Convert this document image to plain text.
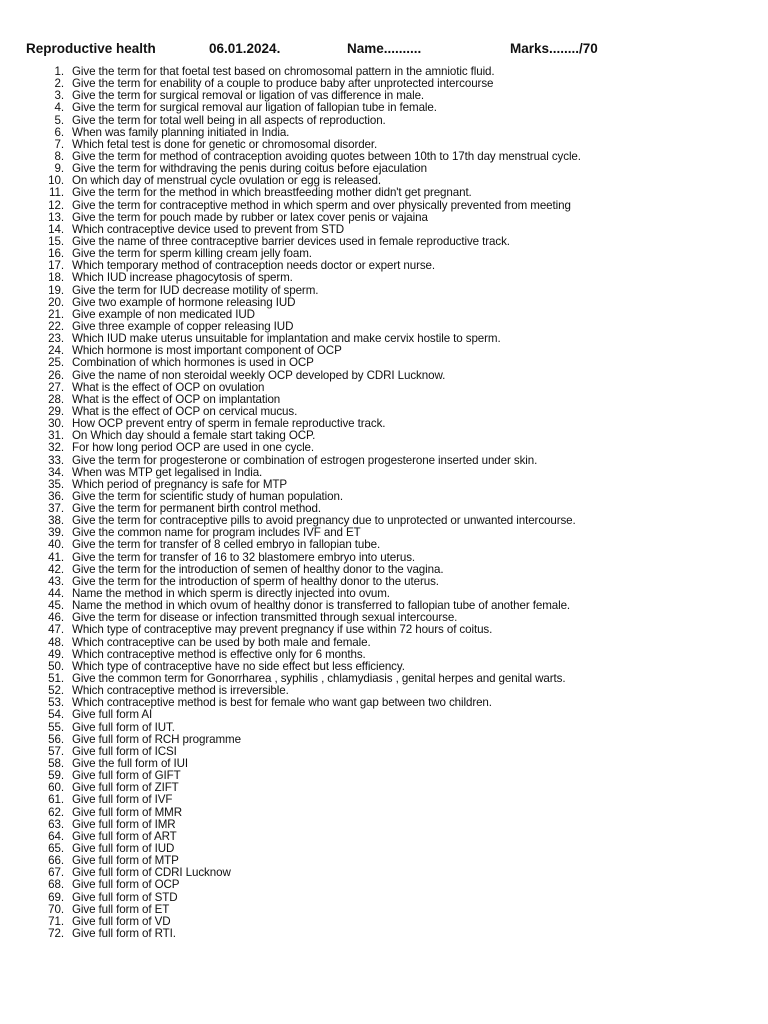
Reproductive health	06.01.2024.	Name..........	Marks......../70
1. Give the term for that foetal test based on chromosomal pattern in the amniotic fluid.
2. Give the term for enability of a couple to produce baby after unprotected intercourse
3. Give the term for surgical removal or ligation of vas difference in male.
4. Give the term for surgical removal aur ligation of fallopian tube in female.
5. Give the term for total well being in all aspects of reproduction.
6. When was family planning initiated in India.
7. Which fetal test is done for genetic or chromosomal disorder.
8. Give the term for method of contraception avoiding quotes between 10th to 17th day menstrual cycle.
9. Give the term for withdraving the penis during coitus before ejaculation
10. On which day of menstrual cycle ovulation or egg is released.
11. Give the term for the method in which breastfeeding mother didn't get pregnant.
12. Give the term for contraceptive method in which sperm and over physically prevented from meeting
13. Give the term for pouch made by rubber or latex cover penis or vajaina
14. Which contraceptive device used to prevent from STD
15. Give the name of three contraceptive barrier devices used in female reproductive track.
16. Give the term for sperm killing cream jelly foam.
17. Which temporary method of contraception needs doctor or expert nurse.
18. Which IUD increase phagocytosis of sperm.
19. Give the term for IUD decrease motility of sperm.
20. Give two example of hormone releasing IUD
21. Give example of non medicated IUD
22. Give three example of copper releasing IUD
23. Which IUD make uterus unsuitable for implantation and make cervix hostile to sperm.
24. Which hormone is most important component of OCP
25. Combination of which hormones is used in OCP
26. Give the name of non steroidal weekly OCP developed by CDRI Lucknow.
27. What is the effect of OCP on ovulation
28. What is the effect of OCP on implantation
29. What is the effect of OCP on cervical mucus.
30. How OCP prevent entry of sperm in female reproductive track.
31. On Which day should a female start taking OCP.
32. For how long period OCP are used in one cycle.
33. Give the term for progesterone or combination of estrogen progesterone inserted under skin.
34. When was MTP get legalised in India.
35. Which period of pregnancy is safe for MTP
36. Give the term for scientific study of human population.
37. Give the term for permanent birth control method.
38. Give the term for contraceptive pills to avoid pregnancy due to unprotected or unwanted intercourse.
39. Give the common name for program includes IVF and ET
40. Give the term for transfer of 8 celled embryo in fallopian tube.
41. Give the term for transfer of 16 to 32 blastomere embryo into uterus.
42. Give the term for the introduction of semen of healthy donor to the vagina.
43. Give the term for the introduction of sperm of healthy donor to the uterus.
44. Name the method in which sperm is directly injected into ovum.
45. Name the method in which ovum of healthy donor is transferred to fallopian tube of another female.
46. Give the term for disease or infection transmitted through sexual intercourse.
47. Which type of contraceptive may prevent pregnancy if use within 72 hours of coitus.
48. Which contraceptive can be used by both male and female.
49. Which contraceptive method is effective only for 6 months.
50. Which type of contraceptive have no side effect but less efficiency.
51. Give the common term for Gonorrharea , syphilis , chlamydiasis , genital herpes and genital warts.
52. Which contraceptive method is irreversible.
53. Which contraceptive method is best for female who want gap between two children.
54. Give full form AI
55. Give full form of IUT.
56. Give full form of RCH programme
57. Give full form of ICSI
58. Give the full form of IUI
59. Give full form of GIFT
60. Give full form of ZIFT
61. Give full form of IVF
62. Give full form of MMR
63. Give full form of IMR
64. Give full form of ART
65. Give full form of IUD
66. Give full form of MTP
67. Give full form of CDRI Lucknow
68. Give full form of OCP
69. Give full form of STD
70. Give full form of ET
71. Give full form of VD
72. Give full form of RTI.
